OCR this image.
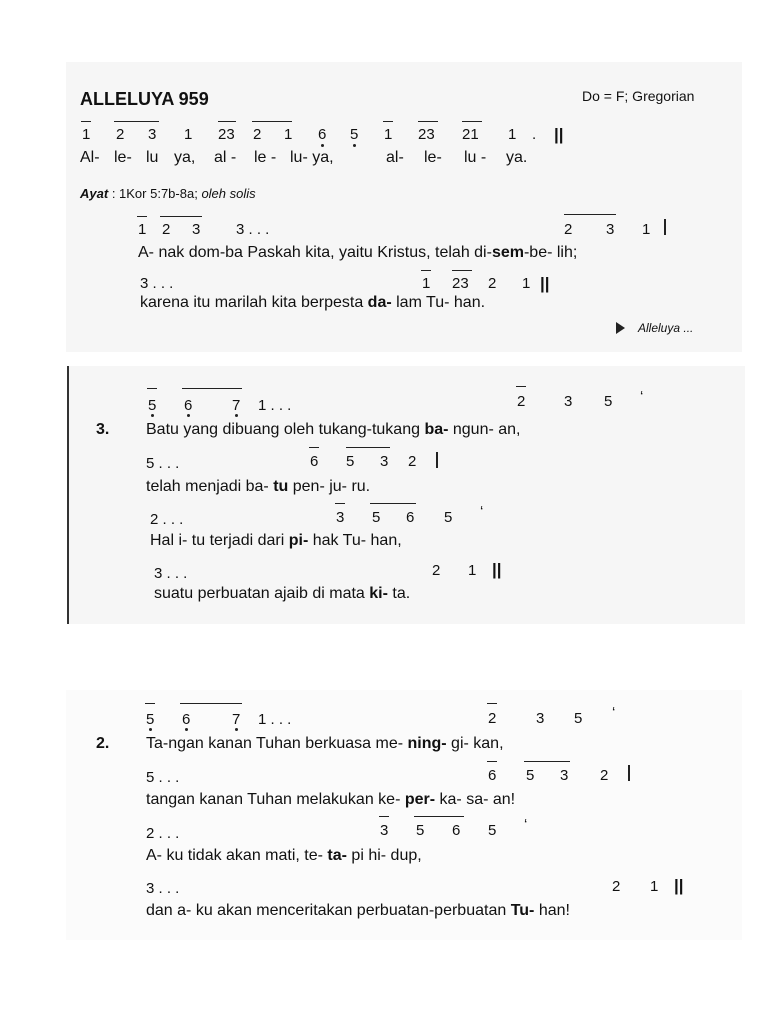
ALLELUYA 959	Do = F; Gregorian
1 2 3 1 23 2 1 6 5 1 23 21 1 . ||
Al- le- lu ya, al - le - lu- ya,	al- le- lu - ya.
Ayat : 1Kor 5:7b-8a; oleh solis
1 2 3 3 . . .	2 3 1
A- nak dom-ba Paskah kita, yaitu Kristus, telah di-sem-be- lih;
3 . . .	1 23 2 1 ||
karena itu marilah kita berpesta da- lam Tu- han.
Alleluya ...
5 6	7 1 . . .	2	3 5 ‘
3. Batu yang dibuang oleh tukang-tukang ba- ngun- an,
5 . . .	6 5 3 2
telah menjadi ba- tu pen- ju- ru.
2 . . .	3 5 6 5 ‘
Hal i- tu terjadi dari pi- hak Tu- han,
3 . . .	2 1 ||
suatu perbuatan ajaib di mata ki- ta.
5 6	7 1 . . .	2	3 5 ‘
2. Ta-ngan kanan Tuhan berkuasa me- ning- gi- kan,
5 . . .	6 5 3 2
tangan kanan Tuhan melakukan ke- per- ka- sa- an!
2 . . .	3 5 6 5 ‘
A- ku tidak akan mati, te- ta- pi hi- dup,
3 . . .	2 1 ||
dan a- ku akan menceritakan perbuatan-perbuatan Tu- han!
